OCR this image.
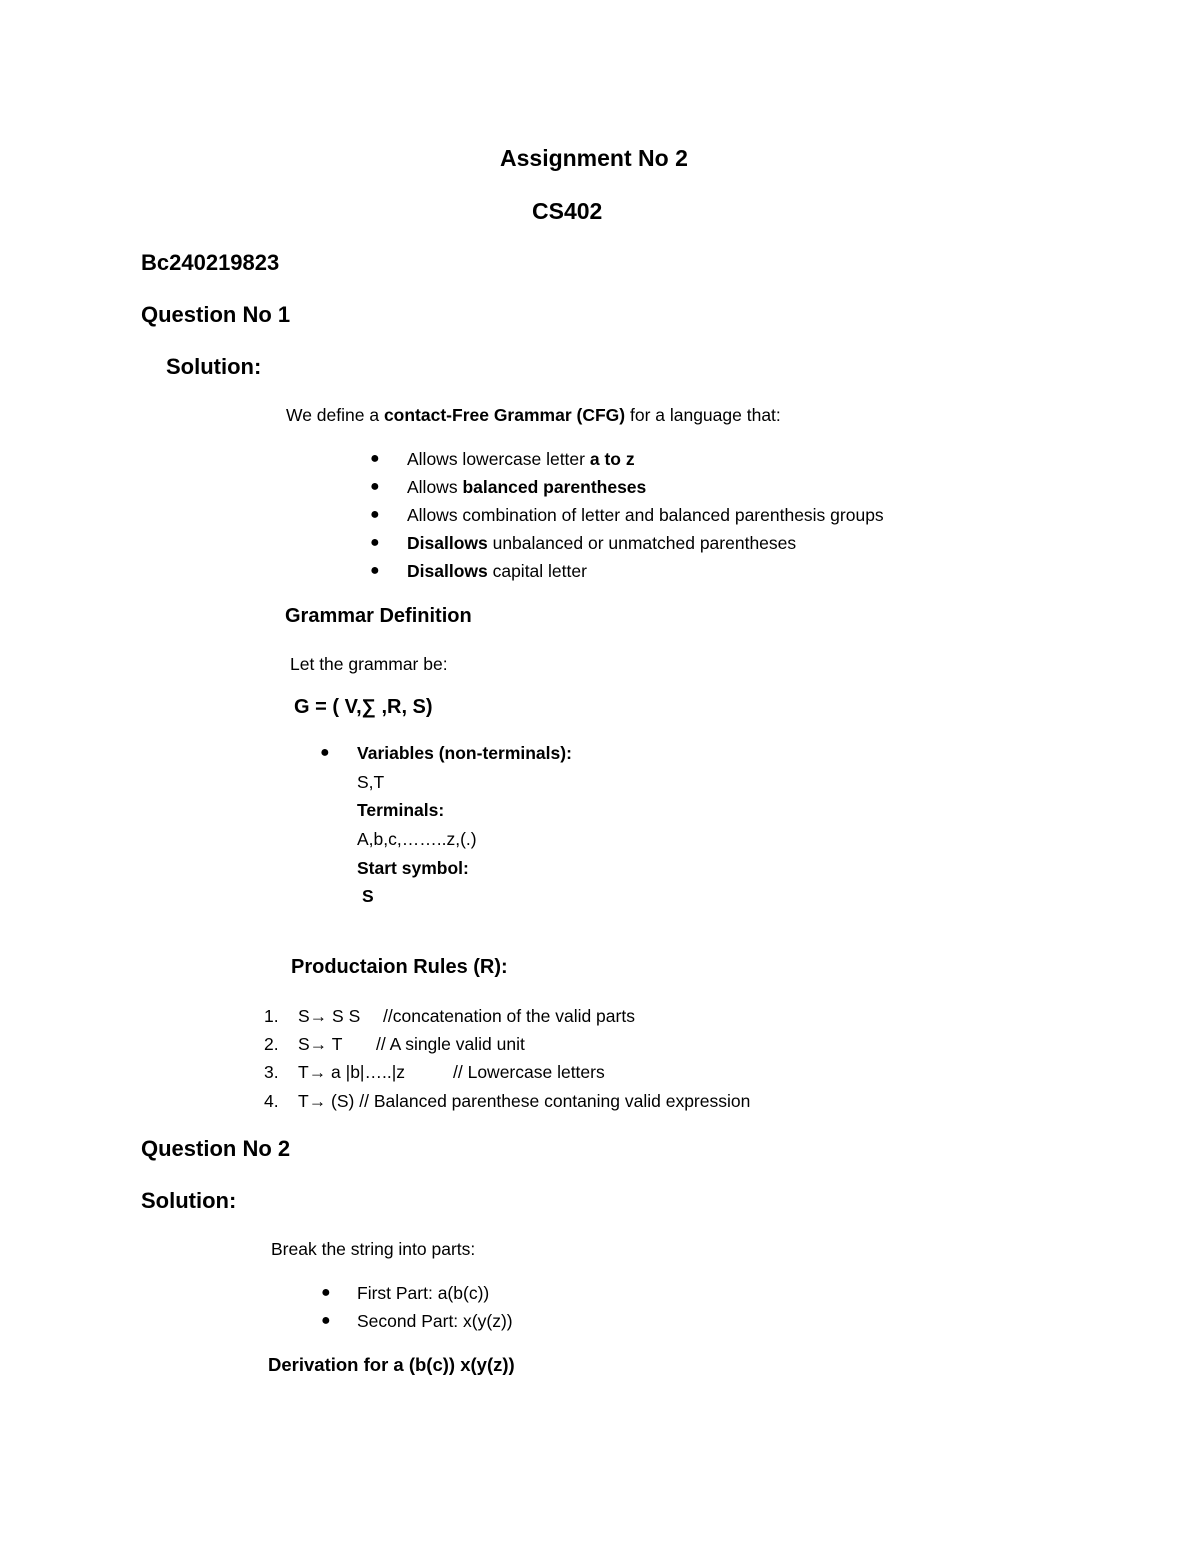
Assignment No 2
CS402
Bc240219823
Question No 1
Solution:
We define a contact-Free Grammar (CFG) for a language that:
● Allows lowercase letter a to z
● Allows balanced parentheses
● Allows combination of letter and balanced parenthesis groups
● Disallows unbalanced or unmatched parentheses
● Disallows capital letter
Grammar Definition
Let the grammar be:
G = ( V,∑ ,R, S)
● Variables (non-terminals):
S,T
Terminals:
A,b,c,……..z,(.)
Start symbol:
S
Productaion Rules (R):
1. S→ S S //concatenation of the valid parts
2. S→ T // A single valid unit
3. T→ a |b|…..|z	// Lowercase letters
4. T→ (S) // Balanced parenthese contaning valid expression
Question No 2
Solution:
Break the string into parts:
● First Part: a(b(c))
● Second Part: x(y(z))
Derivation for a (b(c)) x(y(z))
